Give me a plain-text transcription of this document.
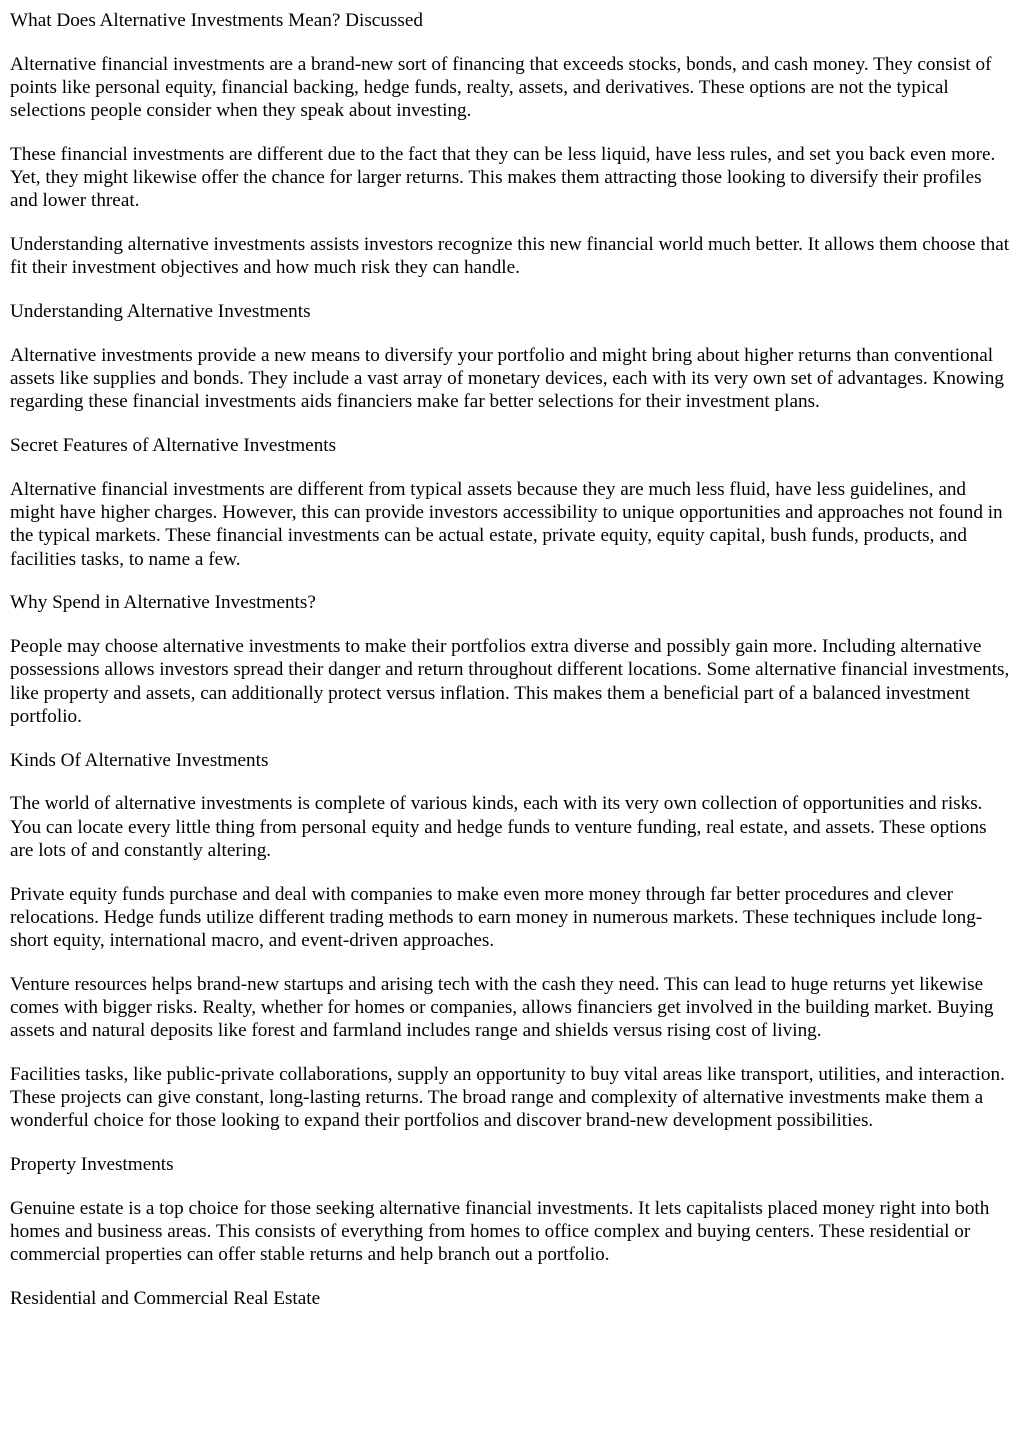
What Does Alternative Investments Mean? Discussed

Alternative financial investments are a brand-new sort of financing that exceeds stocks, bonds, and cash money. They consist of points like personal equity, financial backing, hedge funds, realty, assets, and derivatives. These options are not the typical selections people consider when they speak about investing.

These financial investments are different due to the fact that they can be less liquid, have less rules, and set you back even more. Yet, they might likewise offer the chance for larger returns. This makes them attracting those looking to diversify their profiles and lower threat.

Understanding alternative investments assists investors recognize this new financial world much better. It allows them choose that fit their investment objectives and how much risk they can handle.

Understanding Alternative Investments

Alternative investments provide a new means to diversify your portfolio and might bring about higher returns than conventional assets like supplies and bonds. They include a vast array of monetary devices, each with its very own set of advantages. Knowing regarding these financial investments aids financiers make far better selections for their investment plans.

Secret Features of Alternative Investments

Alternative financial investments are different from typical assets because they are much less fluid, have less guidelines, and might have higher charges. However, this can provide investors accessibility to unique opportunities and approaches not found in the typical markets. These financial investments can be actual estate, private equity, equity capital, bush funds, products, and facilities tasks, to name a few.

Why Spend in Alternative Investments?

People may choose alternative investments to make their portfolios extra diverse and possibly gain more. Including alternative possessions allows investors spread their danger and return throughout different locations. Some alternative financial investments, like property and assets, can additionally protect versus inflation. This makes them a beneficial part of a balanced investment portfolio.

Kinds Of Alternative Investments

The world of alternative investments is complete of various kinds, each with its very own collection of opportunities and risks. You can locate every little thing from personal equity and hedge funds to venture funding, real estate, and assets. These options are lots of and constantly altering.

Private equity funds purchase and deal with companies to make even more money through far better procedures and clever relocations. Hedge funds utilize different trading methods to earn money in numerous markets. These techniques include long-short equity, international macro, and event-driven approaches.

Venture resources helps brand-new startups and arising tech with the cash they need. This can lead to huge returns yet likewise comes with bigger risks. Realty, whether for homes or companies, allows financiers get involved in the building market. Buying assets and natural deposits like forest and farmland includes range and shields versus rising cost of living.

Facilities tasks, like public-private collaborations, supply an opportunity to buy vital areas like transport, utilities, and interaction. These projects can give constant, long-lasting returns. The broad range and complexity of alternative investments make them a wonderful choice for those looking to expand their portfolios and discover brand-new development possibilities.

Property Investments

Genuine estate is a top choice for those seeking alternative financial investments. It lets capitalists placed money right into both homes and business areas. This consists of everything from homes to office complex and buying centers. These residential or commercial properties can offer stable returns and help branch out a portfolio.

Residential and Commercial Real Estate
